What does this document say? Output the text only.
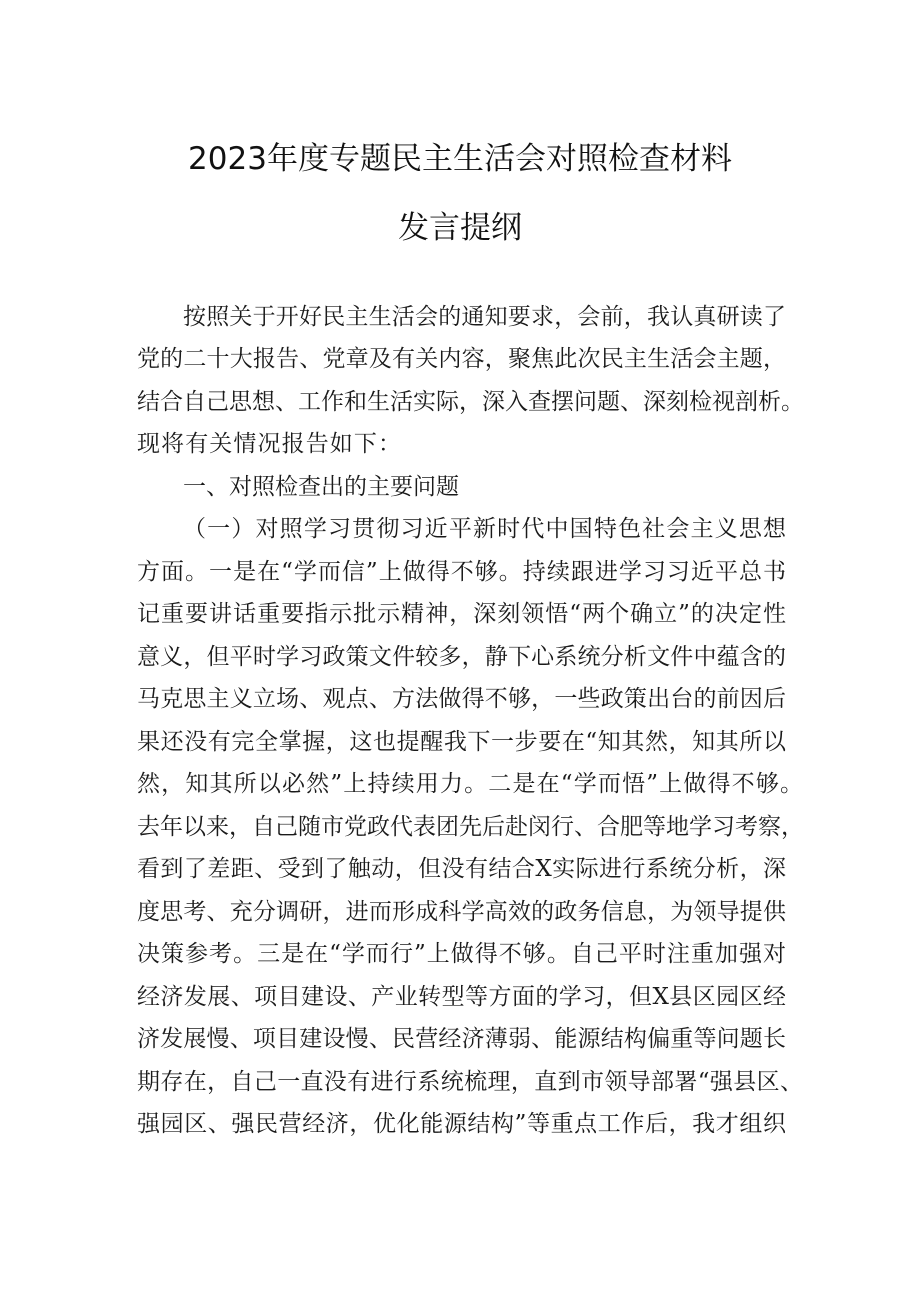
2023年度专题民主生活会对照检查材料
发言提纲
按照关于开好民主生活会的通知要求，会前，我认真研读了
党的二十大报告、党章及有关内容，聚焦此次民主生活会主题，
结合自己思想、工作和生活实际，深入查摆问题、深刻检视剖析。
现将有关情况报告如下：
一、对照检查出的主要问题
（一）对照学习贯彻习近平新时代中国特色社会主义思想
方面。一是在“学而信”上做得不够。持续跟进学习习近平总书
记重要讲话重要指示批示精神，深刻领悟“两个确立”的决定性
意义，但平时学习政策文件较多，静下心系统分析文件中蕴含的
马克思主义立场、观点、方法做得不够，一些政策出台的前因后
果还没有完全掌握，这也提醒我下一步要在“知其然，知其所以
然，知其所以必然”上持续用力。二是在“学而悟”上做得不够。
去年以来，自己随市党政代表团先后赴闵行、合肥等地学习考察，
看到了差距、受到了触动，但没有结合X实际进行系统分析，深
度思考、充分调研，进而形成科学高效的政务信息，为领导提供
决策参考。三是在“学而行”上做得不够。自己平时注重加强对
经济发展、项目建设、产业转型等方面的学习，但X县区园区经
济发展慢、项目建设慢、民营经济薄弱、能源结构偏重等问题长
期存在，自己一直没有进行系统梳理，直到市领导部署“强县区、
强园区、强民营经济，优化能源结构”等重点工作后，我才组织
